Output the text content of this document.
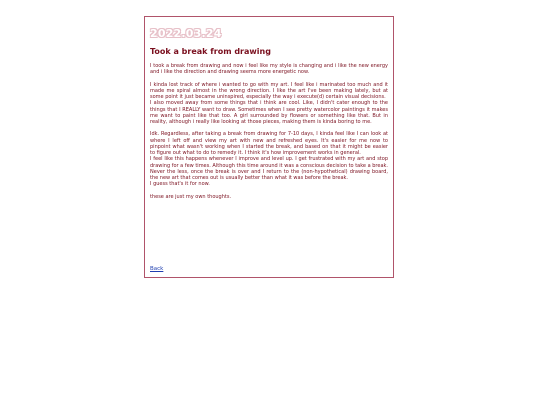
2022.03.24
Took a break from drawing

I took a break from drawing and now i feel like my style is changing and i like the new energy and i like the direction and drawing seems more energetic now.

I kinda lost track of where i wanted to go with my art. I feel like i marinated too much and it made me spiral almost in the wrong direction. I like the art I've been making lately, but at some point it just became uninspired, especially the way i execute(d) certain visual decisions.
I also moved away from some things that i think are cool. Like, I didn't cater enough to the things that I REALLY want to draw. Sometimes when I see pretty watercolor paintings it makes me want to paint like that too. A girl surrounded by flowers or something like that. But in reality, although i really like looking at those pieces, making them is kinda boring to me.

Idk. Regardless, after taking a break from drawing for 7-10 days, I kinda feel like I can look at where I left off and view my art with new and refreshed eyes. It's easier for me now to pinpoint what wasn't working when I started the break, and based on that it might be easier to figure out what to do to remedy it. I think it's how improvement works in general.
I feel like this happens whenever I improve and level up. I get frustrated with my art and stop drawing for a few times. Although this time around it was a conscious decision to take a break. Never the less, once the break is over and I return to the (non-hypothetical) drawing board, the new art that comes out is usually better than what it was before the break.
I guess that's it for now.

these are just my own thoughts.

Back
